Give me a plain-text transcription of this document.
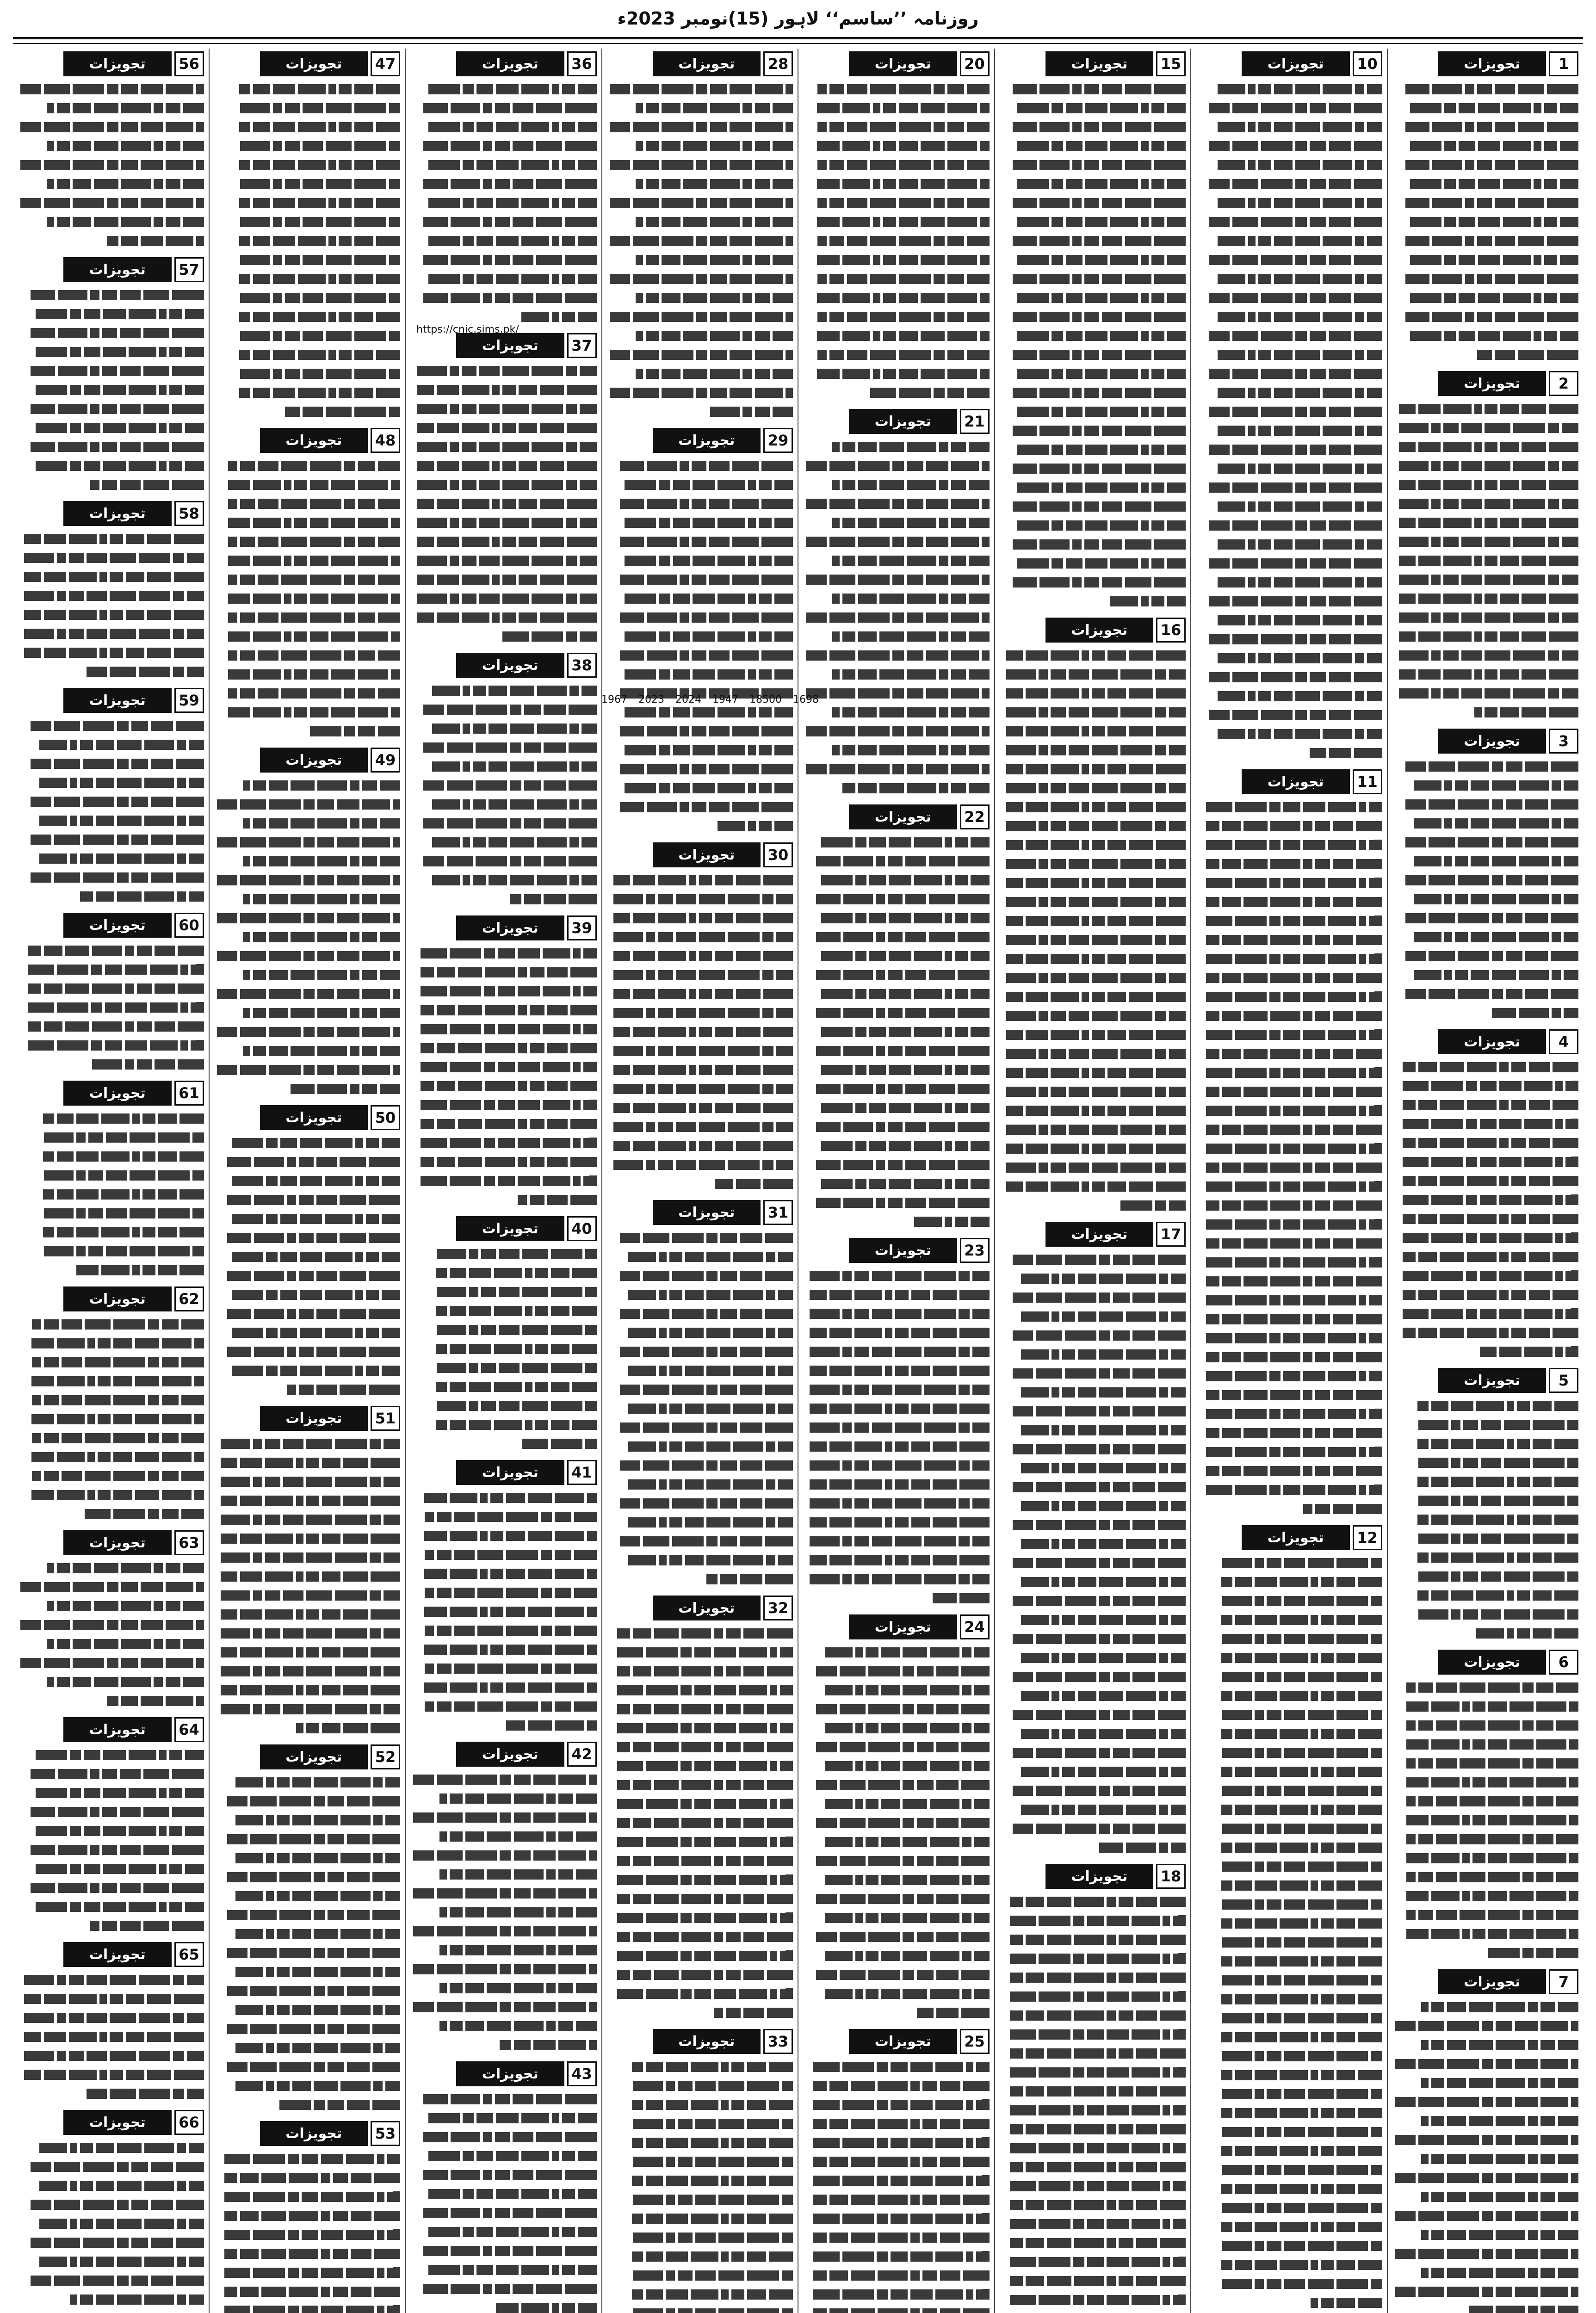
روزنامہ ’’ساسم‘‘ لاہور (15)نومبر 2023ء
1
تجویزات
2
تجویزات
3
تجویزات
4
تجویزات
5
تجویزات
6
تجویزات
7
تجویزات
10
تجویزات
11
تجویزات
12
تجویزات
15
تجویزات
16
تجویزات
17
تجویزات
18
تجویزات
20
تجویزات
21
تجویزات
22
تجویزات
23
تجویزات
24
تجویزات
25
تجویزات
28
تجویزات
29
تجویزات
30
تجویزات
31
تجویزات
32
تجویزات
33
تجویزات
36
تجویزات
37
تجویزات
38
تجویزات
39
تجویزات
40
تجویزات
41
تجویزات
42
تجویزات
43
تجویزات
47
تجویزات
48
تجویزات
49
تجویزات
50
تجویزات
51
تجویزات
52
تجویزات
53
تجویزات
56
تجویزات
57
تجویزات
58
تجویزات
59
تجویزات
60
تجویزات
61
تجویزات
62
تجویزات
63
تجویزات
64
تجویزات
65
تجویزات
66
تجویزات
https://cnic.sims.pk/
1967 2023 2024 1947 18500 1698
